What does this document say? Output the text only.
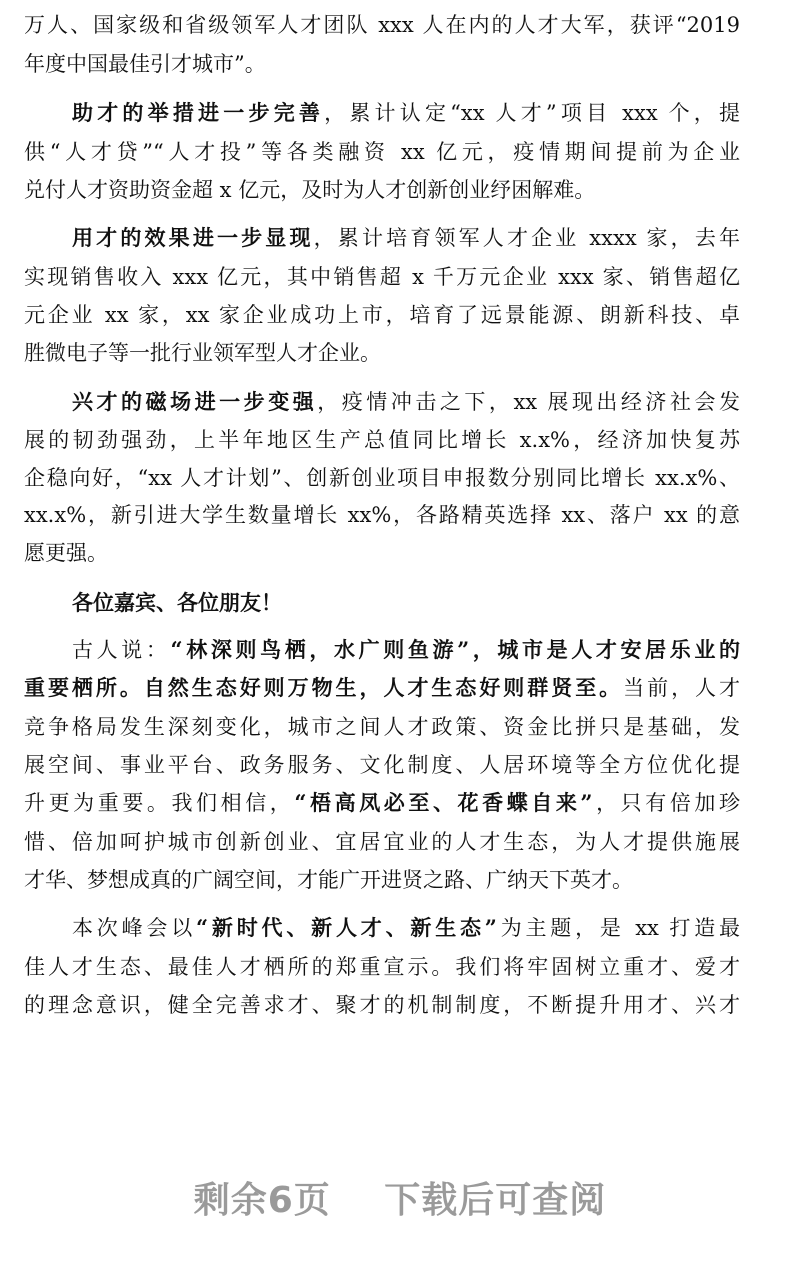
万人、国家级和省级领军人才团队 xxx 人在内的人才大军，获评“2019
年度中国最佳引才城市”。
助才的举措进一步完善，累计认定“xx 人才”项目 xxx 个，提
供“人才贷”“人才投”等各类融资 xx 亿元，疫情期间提前为企业
兑付人才资助资金超 x 亿元，及时为人才创新创业纾困解难。
用才的效果进一步显现，累计培育领军人才企业 xxxx 家，去年
实现销售收入 xxx 亿元，其中销售超 x 千万元企业 xxx 家、销售超亿
元企业 xx 家，xx 家企业成功上市，培育了远景能源、朗新科技、卓
胜微电子等一批行业领军型人才企业。
兴才的磁场进一步变强，疫情冲击之下，xx 展现出经济社会发
展的韧劲强劲，上半年地区生产总值同比增长 x.x%，经济加快复苏
企稳向好，“xx 人才计划”、创新创业项目申报数分别同比增长 xx.x%、
xx.x%，新引进大学生数量增长 xx%，各路精英选择 xx、落户 xx 的意
愿更强。
各位嘉宾、各位朋友！
古人说：“林深则鸟栖，水广则鱼游”，城市是人才安居乐业的
重要栖所。自然生态好则万物生，人才生态好则群贤至。当前，人才
竞争格局发生深刻变化，城市之间人才政策、资金比拼只是基础，发
展空间、事业平台、政务服务、文化制度、人居环境等全方位优化提
升更为重要。我们相信，“梧高凤必至、花香蝶自来”，只有倍加珍
惜、倍加呵护城市创新创业、宜居宜业的人才生态，为人才提供施展
才华、梦想成真的广阔空间，才能广开进贤之路、广纳天下英才。
本次峰会以“新时代、新人才、新生态”为主题，是 xx 打造最
佳人才生态、最佳人才栖所的郑重宣示。我们将牢固树立重才、爱才
的理念意识，健全完善求才、聚才的机制制度，不断提升用才、兴才
剩余6页 下载后可查阅
